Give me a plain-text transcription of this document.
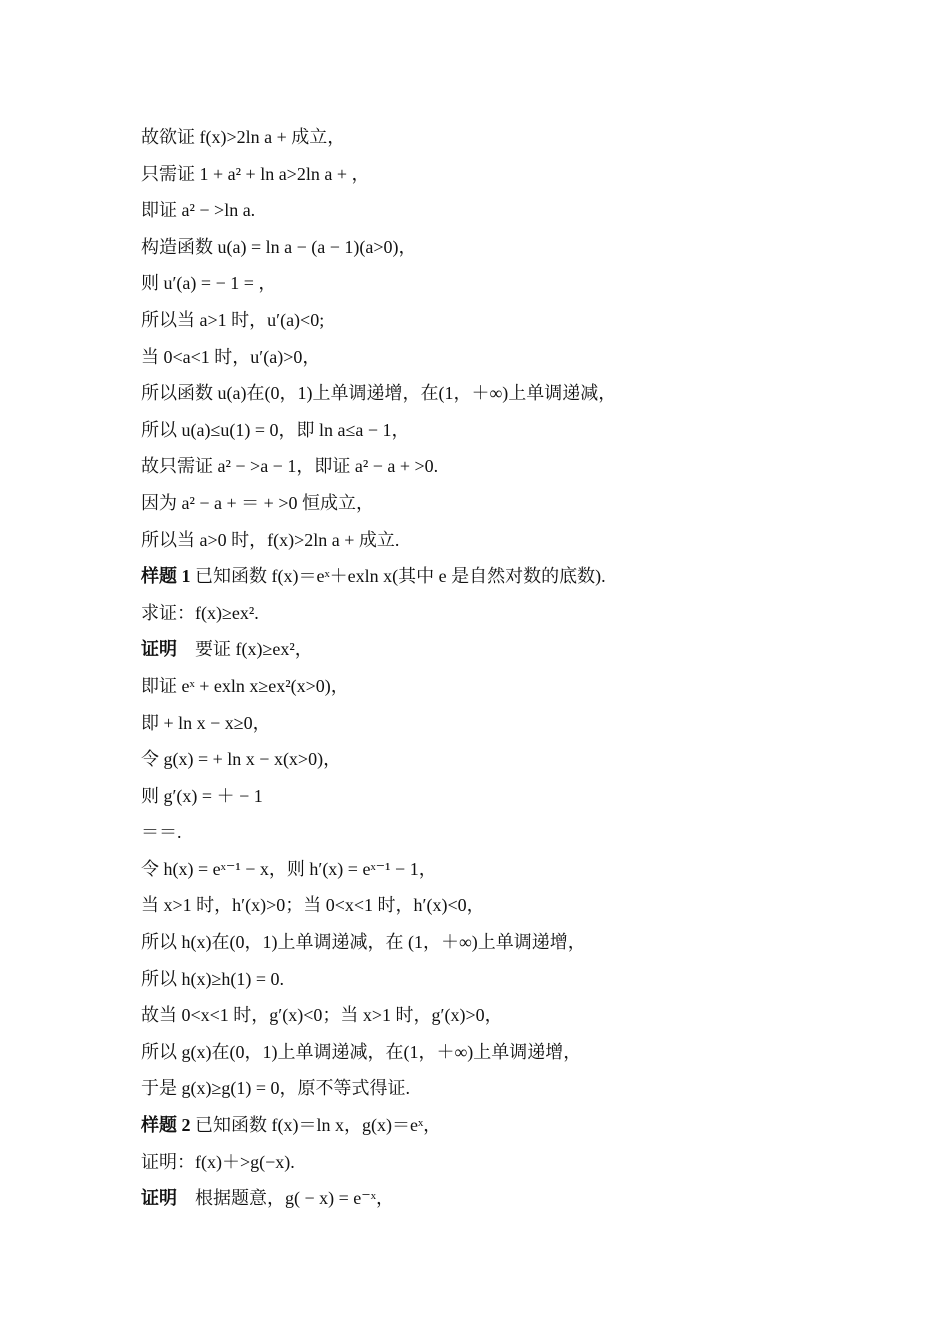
故欲证 f(x)>2ln a + 成立，
只需证 1 + a² + ln a>2ln a + ，
即证 a² − >ln a.
构造函数 u(a) = ln a − (a − 1)(a>0)，
则 u′(a) = − 1 = ，
所以当 a>1 时，u′(a)<0;
当 0<a<1 时，u′(a)>0，
所以函数 u(a)在(0，1)上单调递增，在(1，＋∞)上单调递减，
所以 u(a)≤u(1) = 0，即 ln a≤a − 1，
故只需证 a² − >a − 1，即证 a² − a + >0.
因为 a² − a + ＝ + >0 恒成立，
所以当 a>0 时，f(x)>2ln a + 成立.
样题 1 已知函数 f(x)＝eˣ＋exln x(其中 e 是自然对数的底数).
求证：f(x)≥ex².
证明　要证 f(x)≥ex²，
即证 eˣ + exln x≥ex²(x>0)，
即 + ln x − x≥0，
令 g(x) = + ln x − x(x>0)，
则 g′(x) = ＋ − 1
＝＝.
令 h(x) = eˣ⁻¹ − x，则 h′(x) = eˣ⁻¹ − 1，
当 x>1 时，h′(x)>0；当 0<x<1 时，h′(x)<0，
所以 h(x)在(0，1)上单调递减，在 (1，＋∞)上单调递增，
所以 h(x)≥h(1) = 0.
故当 0<x<1 时，g′(x)<0；当 x>1 时，g′(x)>0，
所以 g(x)在(0，1)上单调递减，在(1，＋∞)上单调递增，
于是 g(x)≥g(1) = 0，原不等式得证.
样题 2 已知函数 f(x)＝ln x，g(x)＝eˣ，
证明：f(x)＋>g(−x).
证明　根据题意，g( − x) = e⁻ˣ，
